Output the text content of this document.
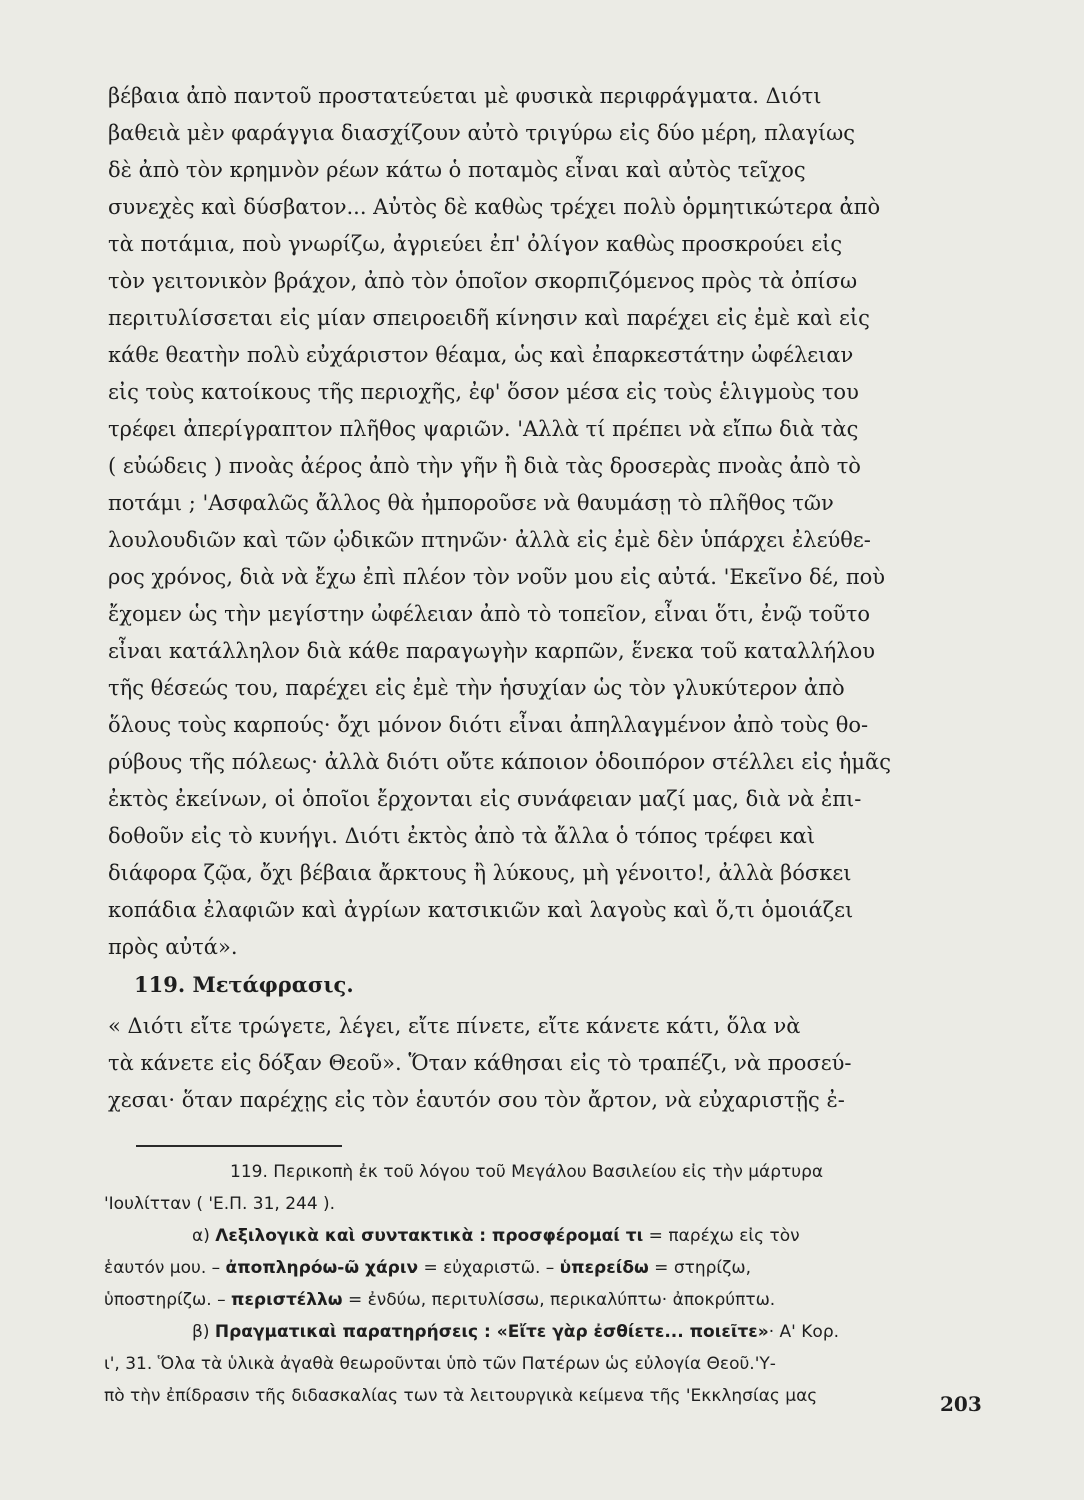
βέβαια ἀπὸ παντοῦ προστατεύεται μὲ φυσικὰ περιφράγματα. Διότι
βαθειὰ μὲν φαράγγια διασχίζουν αὐτὸ τριγύρω εἰς δύο μέρη, πλαγίως
δὲ ἀπὸ τὸν κρημνὸν ρέων κάτω ὁ ποταμὸς εἶναι καὶ αὐτὸς τεῖχος
συνεχὲς καὶ δύσβατον... Αὐτὸς δὲ καθὼς τρέχει πολὺ ὁρμητικώτερα ἀπὸ
τὰ ποτάμια, ποὺ γνωρίζω, ἀγριεύει ἐπ' ὀλίγον καθὼς προσκρούει εἰς
τὸν γειτονικὸν βράχον, ἀπὸ τὸν ὁποῖον σκορπιζόμενος πρὸς τὰ ὀπίσω
περιτυλίσσεται εἰς μίαν σπειροειδῆ κίνησιν καὶ παρέχει εἰς ἐμὲ καὶ εἰς
κάθε θεατὴν πολὺ εὐχάριστον θέαμα, ὡς καὶ ἐπαρκεστάτην ὠφέλειαν
εἰς τοὺς κατοίκους τῆς περιοχῆς, ἐφ' ὅσον μέσα εἰς τοὺς ἑλιγμοὺς του
τρέφει ἀπερίγραπτον πλῆθος ψαριῶν. 'Αλλὰ τί πρέπει νὰ εἴπω διὰ τὰς
( εὐώδεις ) πνοὰς ἀέρος ἀπὸ τὴν γῆν ἢ διὰ τὰς δροσερὰς πνοὰς ἀπὸ τὸ
ποτάμι ; 'Ασφαλῶς ἄλλος θὰ ἠμποροῦσε νὰ θαυμάσῃ τὸ πλῆθος τῶν
λουλουδιῶν καὶ τῶν ᾠδικῶν πτηνῶν· ἀλλὰ εἰς ἐμὲ δὲν ὑπάρχει ἐλεύθε-
ρος χρόνος, διὰ νὰ ἔχω ἐπὶ πλέον τὸν νοῦν μου εἰς αὐτά. 'Εκεῖνο δέ, ποὺ
ἔχομεν ὡς τὴν μεγίστην ὠφέλειαν ἀπὸ τὸ τοπεῖον, εἶναι ὅτι, ἐνῷ τοῦτο
εἶναι κατάλληλον διὰ κάθε παραγωγὴν καρπῶν, ἕνεκα τοῦ καταλλήλου
τῆς θέσεώς του, παρέχει εἰς ἐμὲ τὴν ἡσυχίαν ὡς τὸν γλυκύτερον ἀπὸ
ὅλους τοὺς καρπούς· ὄχι μόνον διότι εἶναι ἀπηλλαγμένον ἀπὸ τοὺς θο-
ρύβους τῆς πόλεως· ἀλλὰ διότι οὔτε κάποιον ὁδοιπόρον στέλλει εἰς ἡμᾶς
ἐκτὸς ἐκείνων, οἱ ὁποῖοι ἔρχονται εἰς συνάφειαν μαζί μας, διὰ νὰ ἐπι-
δοθοῦν εἰς τὸ κυνήγι. Διότι ἐκτὸς ἀπὸ τὰ ἄλλα ὁ τόπος τρέφει καὶ
διάφορα ζῷα, ὄχι βέβαια ἄρκτους ἢ λύκους, μὴ γένοιτο!, ἀλλὰ βόσκει
κοπάδια ἐλαφιῶν καὶ ἀγρίων κατσικιῶν καὶ λαγοὺς καὶ ὅ,τι ὁμοιάζει
πρὸς αὐτά».
119. Μετάφρασις.
« Διότι εἴτε τρώγετε, λέγει, εἴτε πίνετε, εἴτε κάνετε κάτι, ὅλα νὰ
τὰ κάνετε εἰς δόξαν Θεοῦ». Ὅταν κάθησαι εἰς τὸ τραπέζι, νὰ προσεύ-
χεσαι· ὅταν παρέχῃς εἰς τὸν ἑαυτόν σου τὸν ἄρτον, νὰ εὐχαριστῇς ἐ-
119. Περικοπὴ ἐκ τοῦ λόγου τοῦ Μεγάλου Βασιλείου εἰς τὴν μάρτυρα
'Ιουλίτταν ( 'Ε.Π. 31, 244 ).
α) Λεξιλογικὰ καὶ συντακτικὰ : προσφέρομαί τι = παρέχω εἰς τὸν
ἑαυτόν μου. – ἀποπληρόω-ῶ χάριν = εὐχαριστῶ. – ὑπερείδω = στηρίζω,
ὑποστηρίζω. – περιστέλλω = ἐνδύω, περιτυλίσσω, περικαλύπτω· ἀποκρύπτω.
β) Πραγματικαὶ παρατηρήσεις : «Εἴτε γὰρ ἐσθίετε... ποιεῖτε»· Α' Κορ.
ι', 31. Ὅλα τὰ ὑλικὰ ἀγαθὰ θεωροῦνται ὑπὸ τῶν Πατέρων ὡς εὐλογία Θεοῦ.'Υ-
πὸ τὴν ἐπίδρασιν τῆς διδασκαλίας των τὰ λειτουργικὰ κείμενα τῆς 'Εκκλησίας μας	203
